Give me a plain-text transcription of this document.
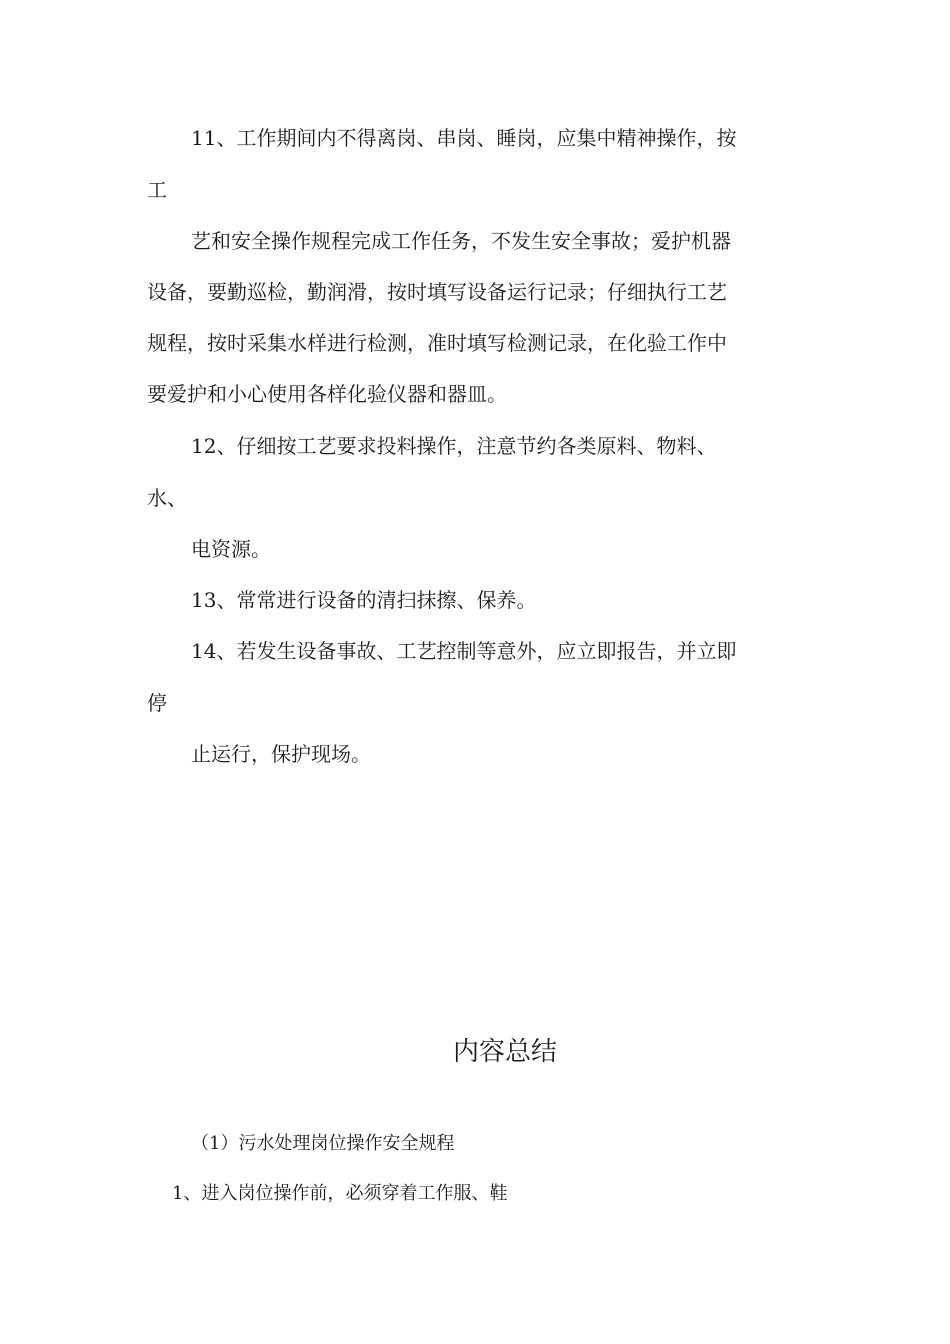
11、工作期间内不得离岗、串岗、睡岗，应集中精神操作，按
工
艺和安全操作规程完成工作任务，不发生安全事故；爱护机器
设备，要勤巡检，勤润滑，按时填写设备运行记录；仔细执行工艺
规程，按时采集水样进行检测，准时填写检测记录，在化验工作中
要爱护和小心使用各样化验仪器和器皿。
12、仔细按工艺要求投料操作，注意节约各类原料、物料、
水、
电资源。
13、常常进行设备的清扫抹擦、保养。
14、若发生设备事故、工艺控制等意外，应立即报告，并立即
停
止运行，保护现场。
内容总结
（1）污水处理岗位操作安全规程
1、进入岗位操作前，必须穿着工作服、鞋
